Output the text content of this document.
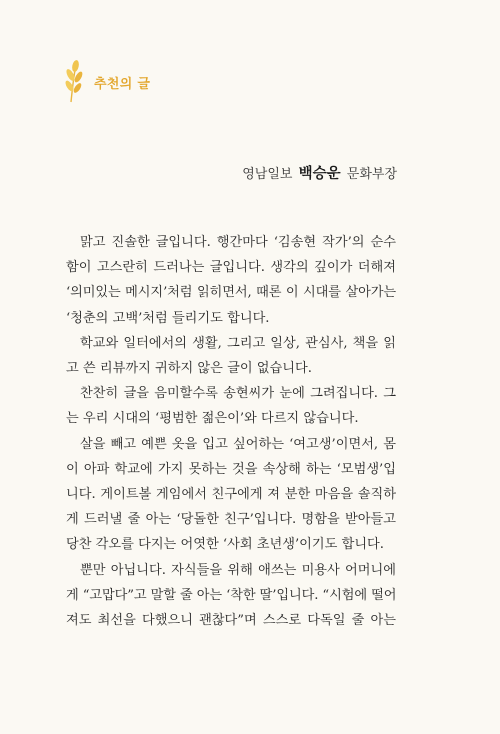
추천의 글
영남일보 백승운 문화부장

맑고 진솔한 글입니다. 행간마다 ‘김송현 작가’의 순수
함이 고스란히 드러나는 글입니다. 생각의 깊이가 더해져
‘의미있는 메시지’처럼 읽히면서, 때론 이 시대를 살아가는
‘청춘의 고백’처럼 들리기도 합니다.

학교와 일터에서의 생활, 그리고 일상, 관심사, 책을 읽
고 쓴 리뷰까지 귀하지 않은 글이 없습니다.

찬찬히 글을 음미할수록 송현씨가 눈에 그려집니다. 그
는 우리 시대의 ‘평범한 젊은이’와 다르지 않습니다.

살을 빼고 예쁜 옷을 입고 싶어하는 ‘여고생’이면서, 몸
이 아파 학교에 가지 못하는 것을 속상해 하는 ‘모범생’입
니다. 게이트볼 게임에서 친구에게 져 분한 마음을 솔직하
게 드러낼 줄 아는 ‘당돌한 친구’입니다. 명함을 받아들고
당찬 각오를 다지는 어엿한 ‘사회 초년생’이기도 합니다.

뿐만 아닙니다. 자식들을 위해 애쓰는 미용사 어머니에
게 “고맙다”고 말할 줄 아는 ‘착한 딸’입니다. “시험에 떨어
져도 최선을 다했으니 괜찮다”며 스스로 다독일 줄 아는
